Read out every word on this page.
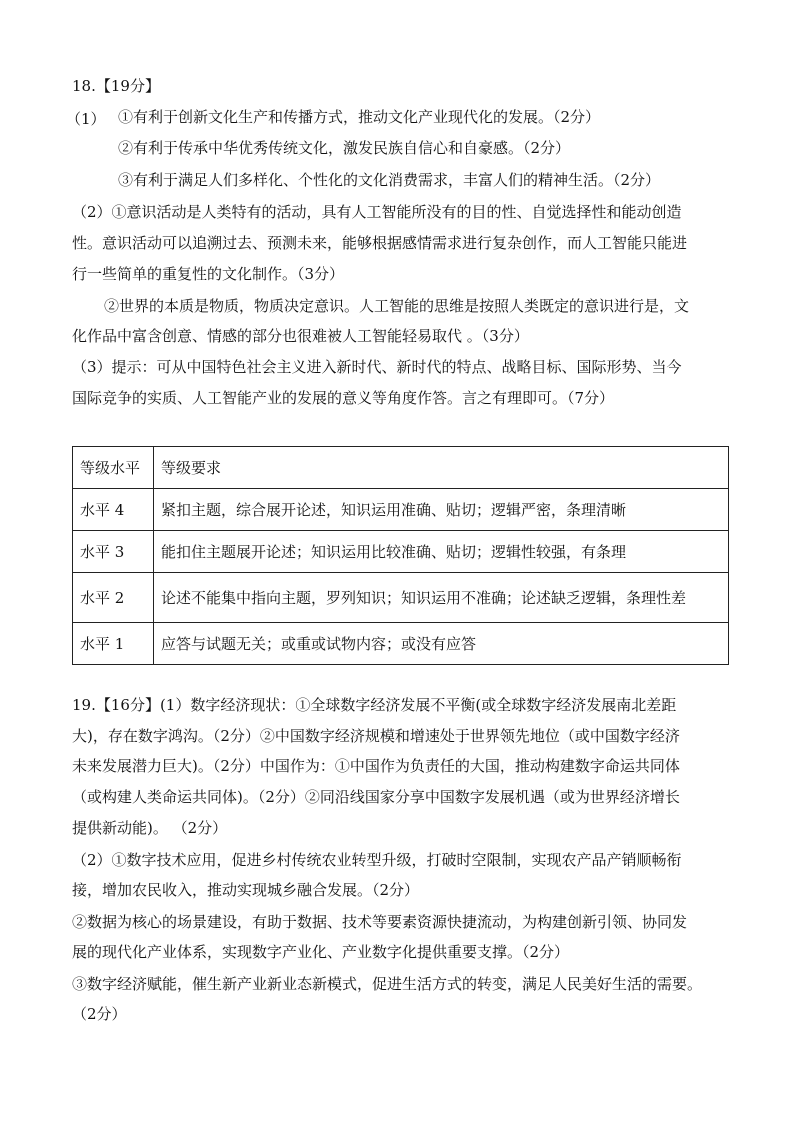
18.【19分】
（1） ①有利于创新文化生产和传播方式，推动文化产业现代化的发展。（2分）
②有利于传承中华优秀传统文化，激发民族自信心和自豪感。（2分）
③有利于满足人们多样化、个性化的文化消费需求，丰富人们的精神生活。（2分）
（2）①意识活动是人类特有的活动，具有人工智能所没有的目的性、自觉选择性和能动创造
性。意识活动可以追溯过去、预测未来，能够根据感情需求进行复杂创作，而人工智能只能进
行一些简单的重复性的文化制作。（3分）
②世界的本质是物质，物质决定意识。人工智能的思维是按照人类既定的意识进行是，文
化作品中富含创意、情感的部分也很难被人工智能轻易取代 。（3分）
（3）提示：可从中国特色社会主义进入新时代、新时代的特点、战略目标、国际形势、当今
国际竞争的实质、人工智能产业的发展的意义等角度作答。言之有理即可。（7分）
等级水平	等级要求
水平 4	紧扣主题，综合展开论述，知识运用准确、贴切；逻辑严密，条理清晰
水平 3	能扣住主题展开论述；知识运用比较准确、贴切；逻辑性较强，有条理
水平 2	论述不能集中指向主题，罗列知识；知识运用不准确；论述缺乏逻辑，条理性差
水平 1	应答与试题无关；或重或试物内容；或没有应答
19.【16分】(1）数字经济现状：①全球数字经济发展不平衡(或全球数字经济发展南北差距
大)，存在数字鸿沟。（2分）②中国数字经济规模和增速处于世界领先地位（或中国数字经济
未来发展潜力巨大)。（2分）中国作为：①中国作为负责任的大国，推动构建数字命运共同体
（或构建人类命运共同体)。（2分）②同沿线国家分享中国数字发展机遇（或为世界经济增长
提供新动能)。 （2分）
（2）①数字技术应用，促进乡村传统农业转型升级，打破时空限制，实现农产品产销顺畅衔
接，增加农民收入，推动实现城乡融合发展。（2分）
②数据为核心的场景建设，有助于数据、技术等要素资源快捷流动，为构建创新引领、协同发
展的现代化产业体系，实现数字产业化、产业数字化提供重要支撑。（2分）
③数字经济赋能，催生新产业新业态新模式，促进生活方式的转变，满足人民美好生活的需要。
（2分）
